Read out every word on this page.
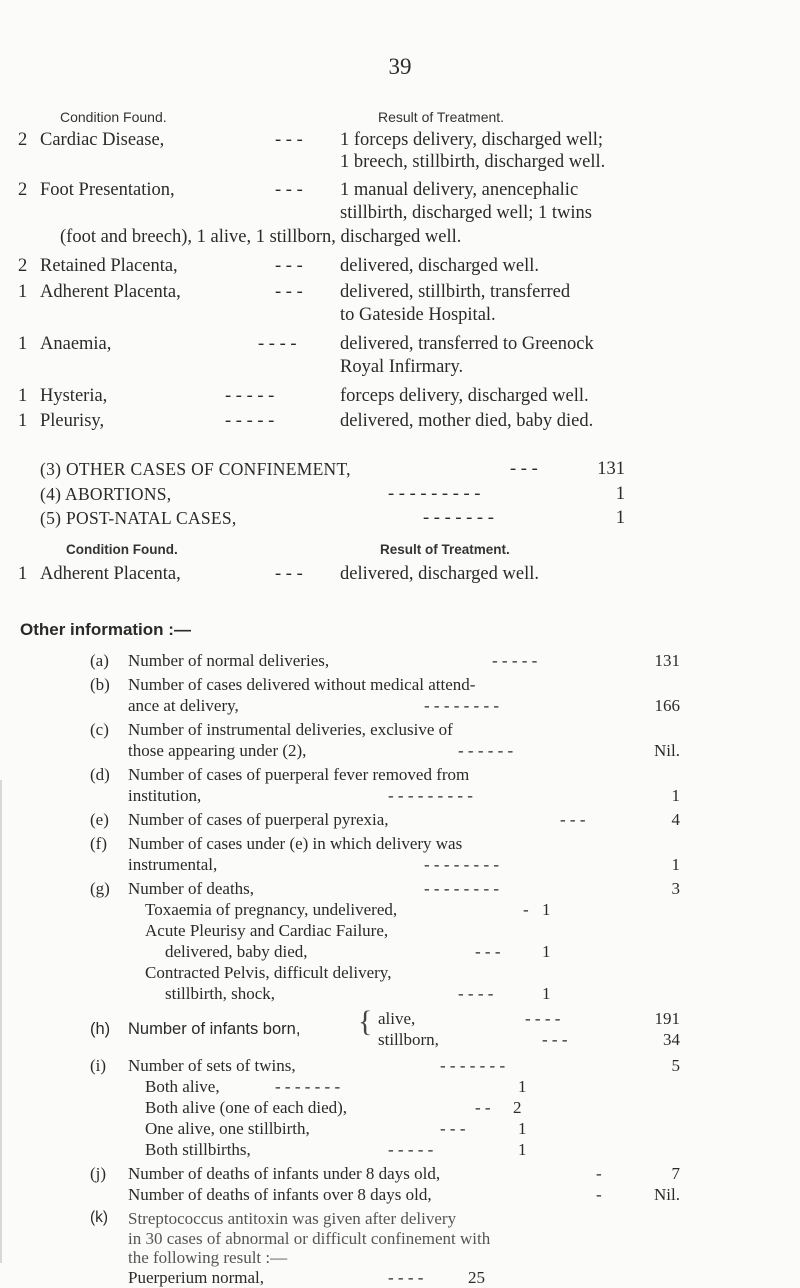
39
Condition Found.	Result of Treatment.
2 Cardiac Disease,	- - - 1 forceps delivery, discharged well;
1 breech, stillbirth, discharged well.
2 Foot Presentation,	- - - 1 manual delivery, anencephalic
stillbirth, discharged well; 1 twins
(foot and breech), 1 alive, 1 stillborn, discharged well.
2 Retained Placenta,	- - - delivered, discharged well.
1 Adherent Placenta,	- - - delivered, stillbirth, transferred
to Gateside Hospital.
1 Anaemia,	- - - - delivered, transferred to Greenock
Royal Infirmary.
1 Hysteria,	- - - - -	forceps delivery, discharged well.
1 Pleurisy,	- - - - -	delivered, mother died, baby died.
(3) OTHER CASES OF CONFINEMENT,	- - -	131
(4) ABORTIONS,	- - - - - - - - -	1
(5) POST-NATAL CASES,	- - - - - - -	1
Condition Found.	Result of Treatment.
1 Adherent Placenta,	- - - delivered, discharged well.
Other information :—
(a) Number of normal deliveries,	- - - - -	131
(b) Number of cases delivered without medical attend-
ance at delivery,	- - - - - - - -	166
(c) Number of instrumental deliveries, exclusive of
those appearing under (2),	- - - - - -	Nil.
(d) Number of cases of puerperal fever removed from
institution,	- - - - - - - - -	1
(e) Number of cases of puerperal pyrexia,	- - -	4
(f) Number of cases under (e) in which delivery was
instrumental,	- - - - - - - -	1
(g) Number of deaths,	- - - - - - - -	3
Toxaemia of pregnancy, undelivered,	- 1
Acute Pleurisy and Cardiac Failure,
delivered, baby died,	- - - 1
Contracted Pelvis, difficult delivery,
stillbirth, shock,	- - - -	1
(h) Number of infants born, { alive,	- - - -	191
stillborn,	- - -	34
(i) Number of sets of twins,	- - - - - - -	5
Both alive,	- - - - - - -	1
Both alive (one of each died),	- - 2
One alive, one stillbirth,	- - -	1
Both stillbirths,	- - - - -	1
(j) Number of deaths of infants under 8 days old,	-	7
Number of deaths of infants over 8 days old,	-	Nil.
(k) Streptococcus antitoxin was given after delivery
in 30 cases of abnormal or difficult confinement with
the following result :—
Puerperium normal,	- - - -	25
